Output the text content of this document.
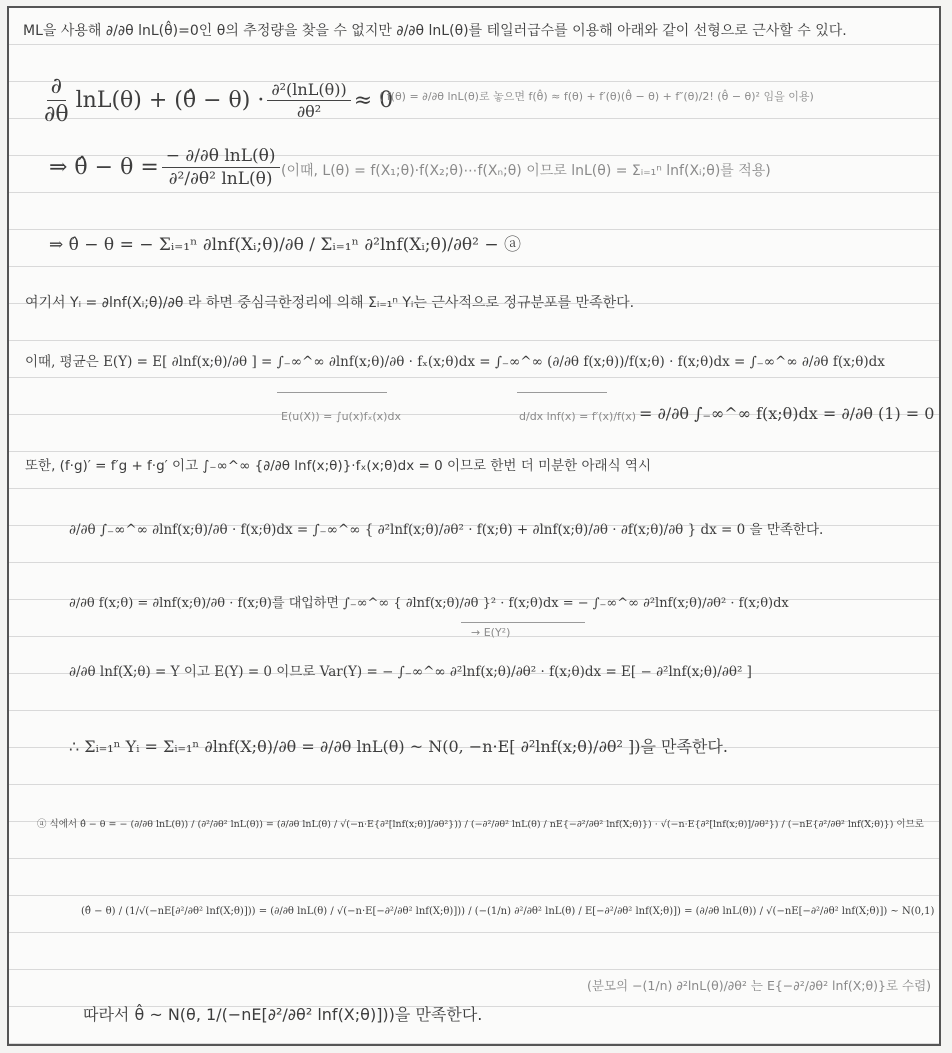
ML을 사용해 ∂/∂θ lnL(θ̂)=0인 θ의 추정량을 찾을 수 없지만 ∂/∂θ lnL(θ)를 테일러급수를 이용해 아래와 같이 선형으로 근사할 수 있다.
$\frac{\partial}{\partial\theta} \ln L(\theta)$ + (θ̂ − $\theta) \cdot \frac{\text{∂²(lnL(θ))}}{\text{∂θ²}} \approx 0$
( f(θ) = ∂/∂θ lnL(θ)로 놓으면 f(θ̂) ≈ f(θ) + f′(θ)(θ̂ − θ) + f″(θ)/2! (θ̂ − θ)² 임을 이용)
⇒ θ̂ − $\theta = \frac{\text{− ∂/∂θ lnL(θ)}}{\text{∂²/∂θ² lnL(θ)}}$ (이때, L(θ) = f(X₁;θ)·f(X₂;θ)⋯f(Xₙ;θ) 이므로 lnL(θ) = Σᵢ₌₁ⁿ lnf(Xᵢ;θ)를 적용)
⇒ θ̂ − θ = − Σᵢ₌₁ⁿ ∂lnf(Xᵢ;θ)/∂θ / Σᵢ₌₁ⁿ ∂²lnf(Xᵢ;θ)/∂θ² − ⓐ
여기서 Yᵢ = ∂lnf(Xᵢ;θ)/∂θ 라 하면 중심극한정리에 의해 Σᵢ₌₁ⁿ Yᵢ는 근사적으로 정규분포를 만족한다.
이때, 평균은 E(Y) = E[ ∂lnf(x;θ)/∂θ ] = ∫₋∞^∞ ∂lnf(x;θ)/∂θ · fₓ(x;θ)dx = ∫₋∞^∞ (∂/∂θ f(x;θ))/f(x;θ) · f(x;θ)dx = ∫₋∞^∞ ∂/∂θ f(x;θ)dx
E(u(X)) = ∫u(x)fₓ(x)dx	d/dx lnf(x) = f′(x)/f(x) = ∂/∂θ ∫₋∞^∞ f(x;θ)dx = ∂/∂θ (1) = 0
또한, (f·g)′ = f′g + f·g′ 이고 ∫₋∞^∞ {∂/∂θ lnf(x;θ)}·fₓ(x;θ)dx = 0 이므로 한번 더 미분한 아래식 역시
∂/∂θ ∫₋∞^∞ ∂lnf(x;θ)/∂θ · f(x;θ)dx = ∫₋∞^∞ { ∂²lnf(x;θ)/∂θ² · f(x;θ) + ∂lnf(x;θ)/∂θ · ∂f(x;θ)/∂θ } dx = 0 을 만족한다.
∂/∂θ f(x;θ) = ∂lnf(x;θ)/∂θ · f(x;θ)를 대입하면 ∫₋∞^∞ { ∂lnf(x;θ)/∂θ }² · f(x;θ)dx = − ∫₋∞^∞ ∂²lnf(x;θ)/∂θ² · f(x;θ)dx
→ E(Y²)
∂/∂θ lnf(X;θ) = Y 이고 E(Y) = 0 이므로 Var(Y) = − ∫₋∞^∞ ∂²lnf(x;θ)/∂θ² · f(x;θ)dx = E[ − ∂²lnf(x;θ)/∂θ² ]
∴ Σᵢ₌₁ⁿ Yᵢ = Σᵢ₌₁ⁿ ∂lnf(X;θ)/∂θ = ∂/∂θ lnL(θ) ~ N(0, −n·E[ ∂²lnf(x;θ)/∂θ² ])을 만족한다.
ⓐ 식에서 θ̂ − θ = − (∂/∂θ lnL(θ)) / (∂²/∂θ² lnL(θ)) = (∂/∂θ lnL(θ) / √(−n·E{∂²[lnf(x;θ)]/∂θ²})) / (−∂²/∂θ² lnL(θ) / nE{−∂²/∂θ² lnf(X;θ)}) · √(−n·E{∂²[lnf(x;θ)]/∂θ²}) / (−nE{∂²/∂θ² lnf(X;θ)}) 이므로
(θ̂ − θ) / (1/√(−nE[∂²/∂θ² lnf(X;θ)])) = (∂/∂θ lnL(θ) / √(−n·E[−∂²/∂θ² lnf(X;θ)])) / (−(1/n) ∂²/∂θ² lnL(θ) / E[−∂²/∂θ² lnf(X;θ)]) = (∂/∂θ lnL(θ)) / √(−nE[−∂²/∂θ² lnf(X;θ)]) ~ N(0,1)
(분모의 −(1/n) ∂²lnL(θ)/∂θ² 는 E{−∂²/∂θ² lnf(X;θ)}로 수렴)
따라서 θ̂ ~ N(θ, 1/(−nE[∂²/∂θ² lnf(X;θ)]))을 만족한다.
